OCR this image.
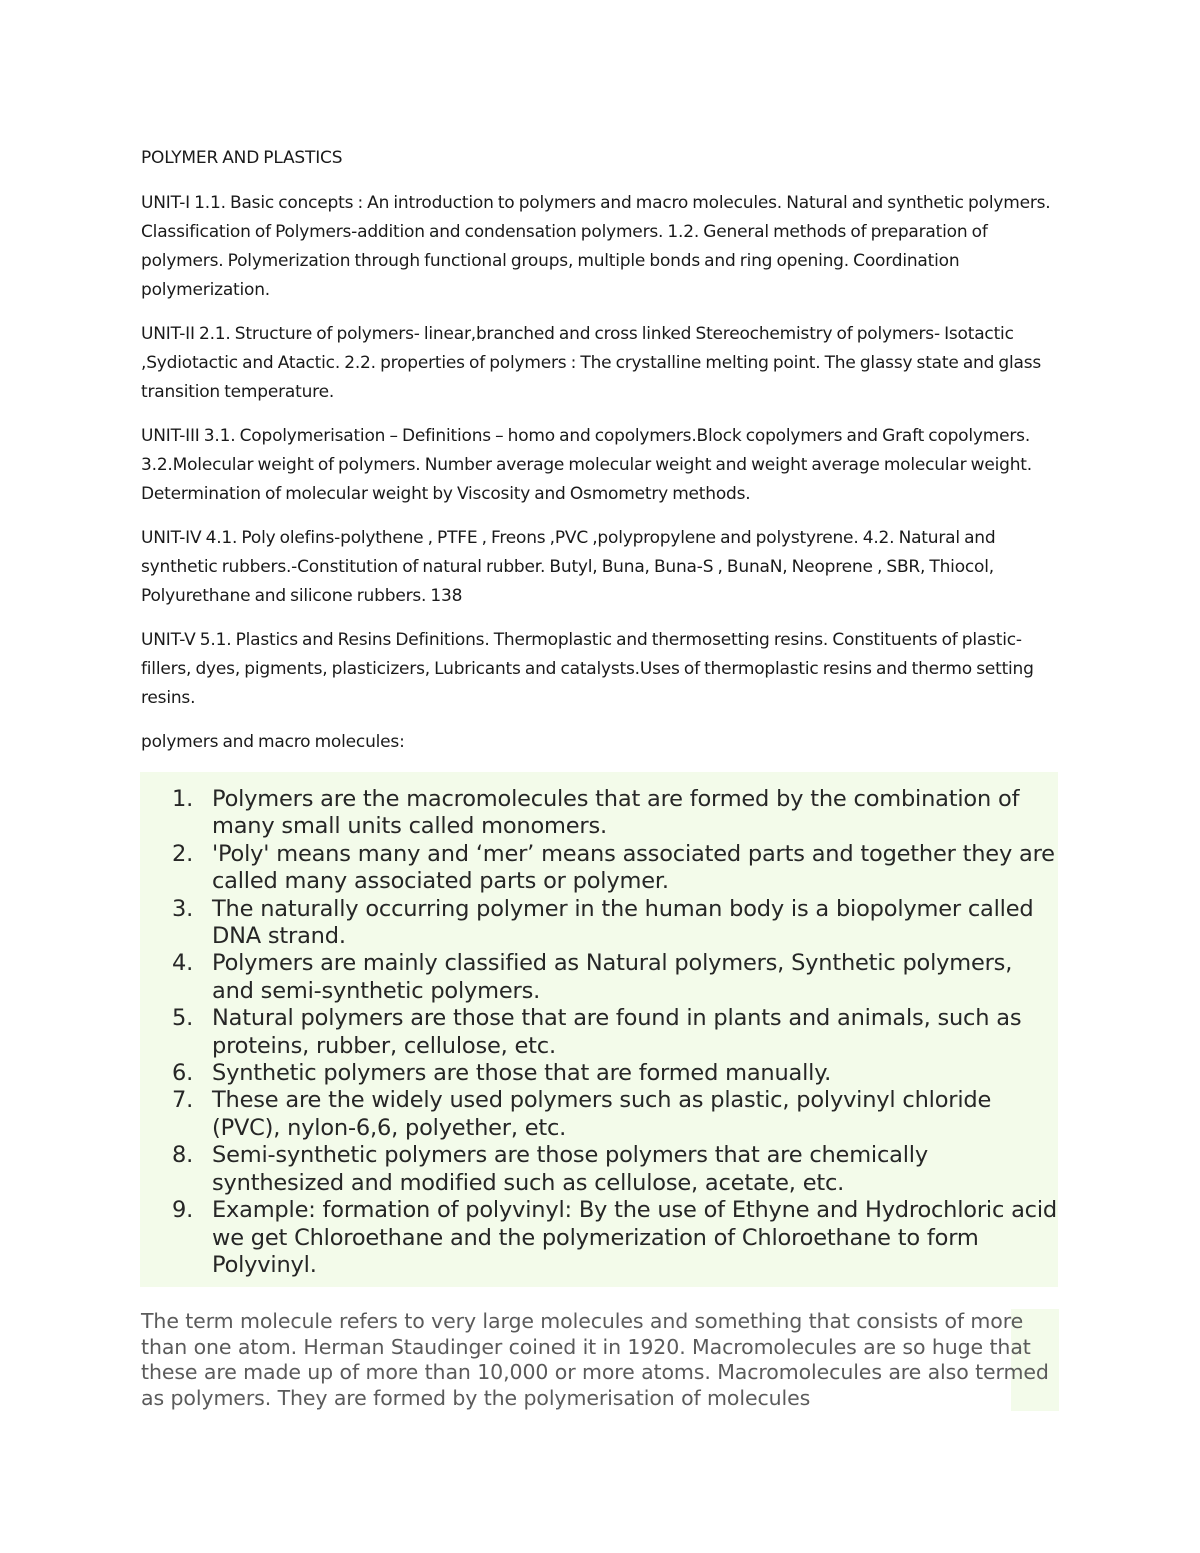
POLYMER AND PLASTICS

UNIT-I 1.1. Basic concepts : An introduction to polymers and macro molecules. Natural and synthetic polymers. Classification of Polymers-addition and condensation polymers. 1.2. General methods of preparation of polymers. Polymerization through functional groups, multiple bonds and ring opening. Coordination polymerization.

UNIT-II 2.1. Structure of polymers- linear,branched and cross linked Stereochemistry of polymers- Isotactic ,Sydiotactic and Atactic. 2.2. properties of polymers : The crystalline melting point. The glassy state and glass transition temperature.

UNIT-III 3.1. Copolymerisation – Definitions – homo and copolymers.Block copolymers and Graft copolymers. 3.2.Molecular weight of polymers. Number average molecular weight and weight average molecular weight. Determination of molecular weight by Viscosity and Osmometry methods.

UNIT-IV 4.1. Poly olefins-polythene , PTFE , Freons ,PVC ,polypropylene and polystyrene. 4.2. Natural and synthetic rubbers.-Constitution of natural rubber. Butyl, Buna, Buna-S , BunaN, Neoprene , SBR, Thiocol, Polyurethane and silicone rubbers. 138

UNIT-V 5.1. Plastics and Resins Definitions. Thermoplastic and thermosetting resins. Constituents of plastic-fillers, dyes, pigments, plasticizers, Lubricants and catalysts.Uses of thermoplastic resins and thermo setting resins.

polymers and macro molecules:

1. Polymers are the macromolecules that are formed by the combination of many small units called monomers.
2. 'Poly' means many and ‘mer’ means associated parts and together they are called many associated parts or polymer.
3. The naturally occurring polymer in the human body is a biopolymer called DNA strand.
4. Polymers are mainly classified as Natural polymers, Synthetic polymers, and semi-synthetic polymers.
5. Natural polymers are those that are found in plants and animals, such as proteins, rubber, cellulose, etc.
6. Synthetic polymers are those that are formed manually.
7. These are the widely used polymers such as plastic, polyvinyl chloride (PVC), nylon-6,6, polyether, etc.
8. Semi-synthetic polymers are those polymers that are chemically synthesized and modified such as cellulose, acetate, etc.
9. Example: formation of polyvinyl: By the use of Ethyne and Hydrochloric acid we get Chloroethane and the polymerization of Chloroethane to form Polyvinyl.

The term molecule refers to very large molecules and something that consists of more than one atom. Herman Staudinger coined it in 1920. Macromolecules are so huge that these are made up of more than 10,000 or more atoms. Macromolecules are also termed as polymers. They are formed by the polymerisation of molecules
